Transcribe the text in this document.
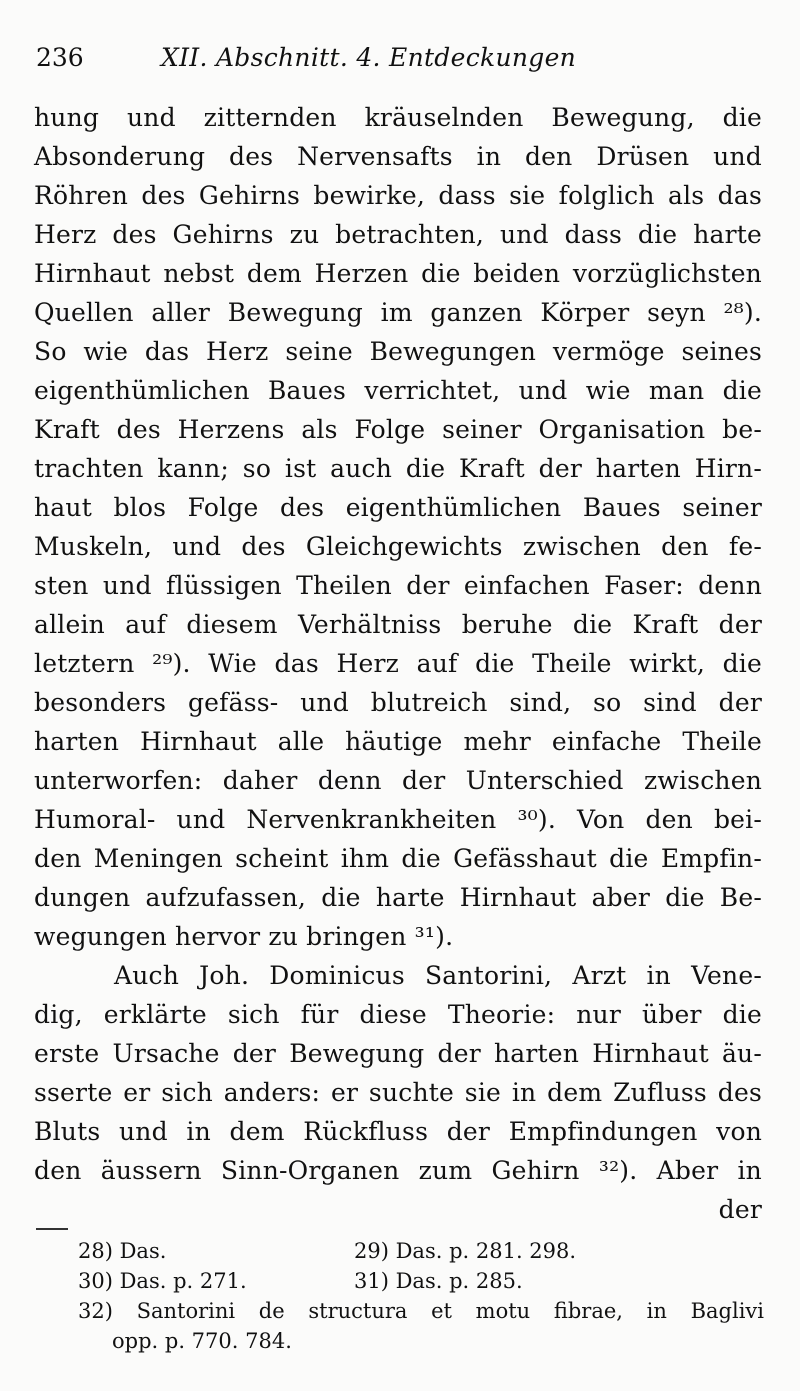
236	XII. Abschnitt. 4. Entdeckungen
hung und zitternden kräuselnden Bewegung, die
Absonderung des Nervensafts in den Drüsen und
Röhren des Gehirns bewirke, dass sie folglich als das
Herz des Gehirns zu betrachten, und dass die harte
Hirnhaut nebst dem Herzen die beiden vorzüglichsten
Quellen aller Bewegung im ganzen Körper seyn ²⁸).
So wie das Herz seine Bewegungen vermöge seines
eigenthümlichen Baues verrichtet, und wie man die
Kraft des Herzens als Folge seiner Organisation be-
trachten kann; so ist auch die Kraft der harten Hirn-
haut blos Folge des eigenthümlichen Baues seiner
Muskeln, und des Gleichgewichts zwischen den fe-
sten und flüssigen Theilen der einfachen Faser: denn
allein auf diesem Verhältniss beruhe die Kraft der
letztern ²⁹). Wie das Herz auf die Theile wirkt, die
besonders gefäss- und blutreich sind, so sind der
harten Hirnhaut alle häutige mehr einfache Theile
unterworfen: daher denn der Unterschied zwischen
Humoral- und Nervenkrankheiten ³⁰). Von den bei-
den Meningen scheint ihm die Gefässhaut die Empfin-
dungen aufzufassen, die harte Hirnhaut aber die Be-
wegungen hervor zu bringen ³¹).
Auch Joh. Dominicus Santorini, Arzt in Vene-
dig, erklärte sich für diese Theorie: nur über die
erste Ursache der Bewegung der harten Hirnhaut äu-
sserte er sich anders: er suchte sie in dem Zufluss des
Bluts und in dem Rückfluss der Empfindungen von
den äussern Sinn-Organen zum Gehirn ³²). Aber in
der
28) Das.	29) Das. p. 281. 298.
30) Das. p. 271.	31) Das. p. 285.
32) Santorini de structura et motu fibrae, in Baglivi
opp. p. 770. 784.
